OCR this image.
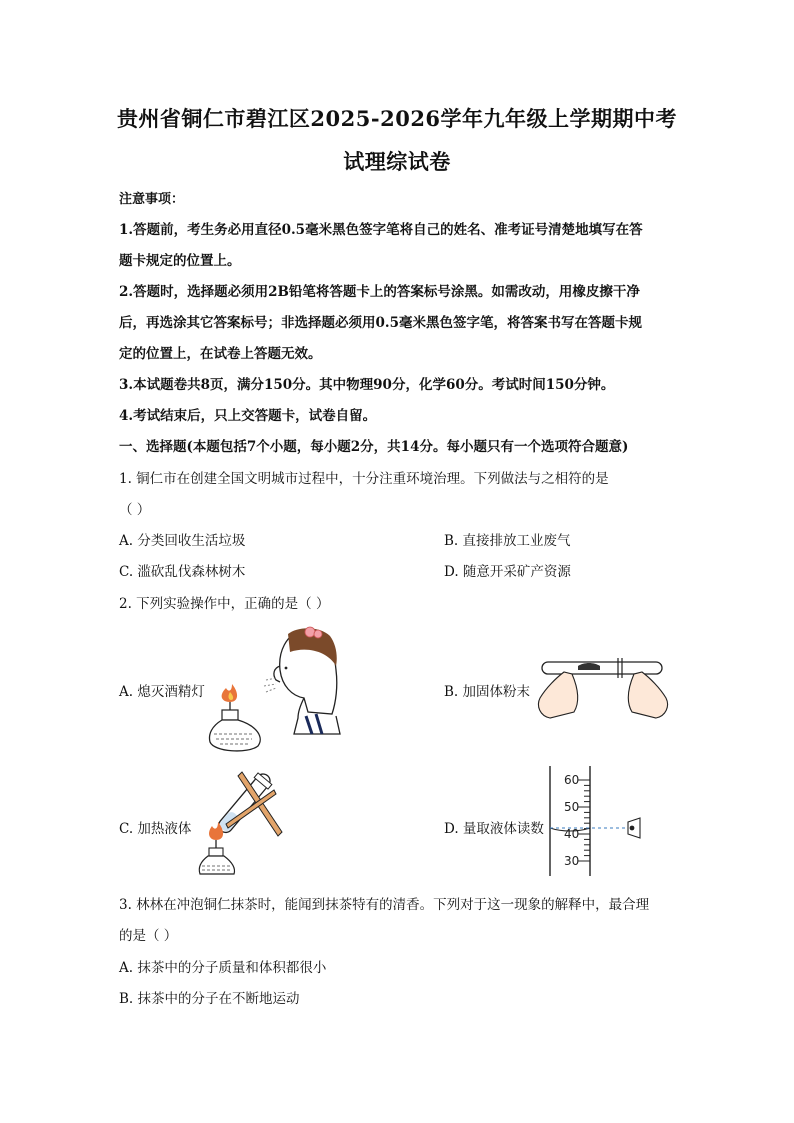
贵州省铜仁市碧江区2025-2026学年九年级上学期期中考
试理综试卷
注意事项：
1.答题前，考生务必用直径0.5毫米黑色签字笔将自己的姓名、准考证号清楚地填写在答
题卡规定的位置上。
2.答题时，选择题必须用2B铅笔将答题卡上的答案标号涂黑。如需改动，用橡皮擦干净
后，再选涂其它答案标号；非选择题必须用0.5毫米黑色签字笔，将答案书写在答题卡规
定的位置上，在试卷上答题无效。
3.本试题卷共8页，满分150分。其中物理90分，化学60分。考试时间150分钟。
4.考试结束后，只上交答题卡，试卷自留。
一、选择题(本题包括7个小题，每小题2分，共14分。每小题只有一个选项符合题意)
1. 铜仁市在创建全国文明城市过程中，十分注重环境治理。下列做法与之相符的是
（ ）
A. 分类回收生活垃圾	B. 直接排放工业废气
C. 滥砍乱伐森林树木	D. 随意开采矿产资源
2. 下列实验操作中，正确的是（ ）
A. 熄灭酒精灯	B. 加固体粉末
C. 加热液体	D. 量取液体读数
60
50
40
30
3. 林林在冲泡铜仁抹茶时，能闻到抹茶特有的清香。下列对于这一现象的解释中，最合理
的是（ ）
A. 抹茶中的分子质量和体积都很小
B. 抹茶中的分子在不断地运动
